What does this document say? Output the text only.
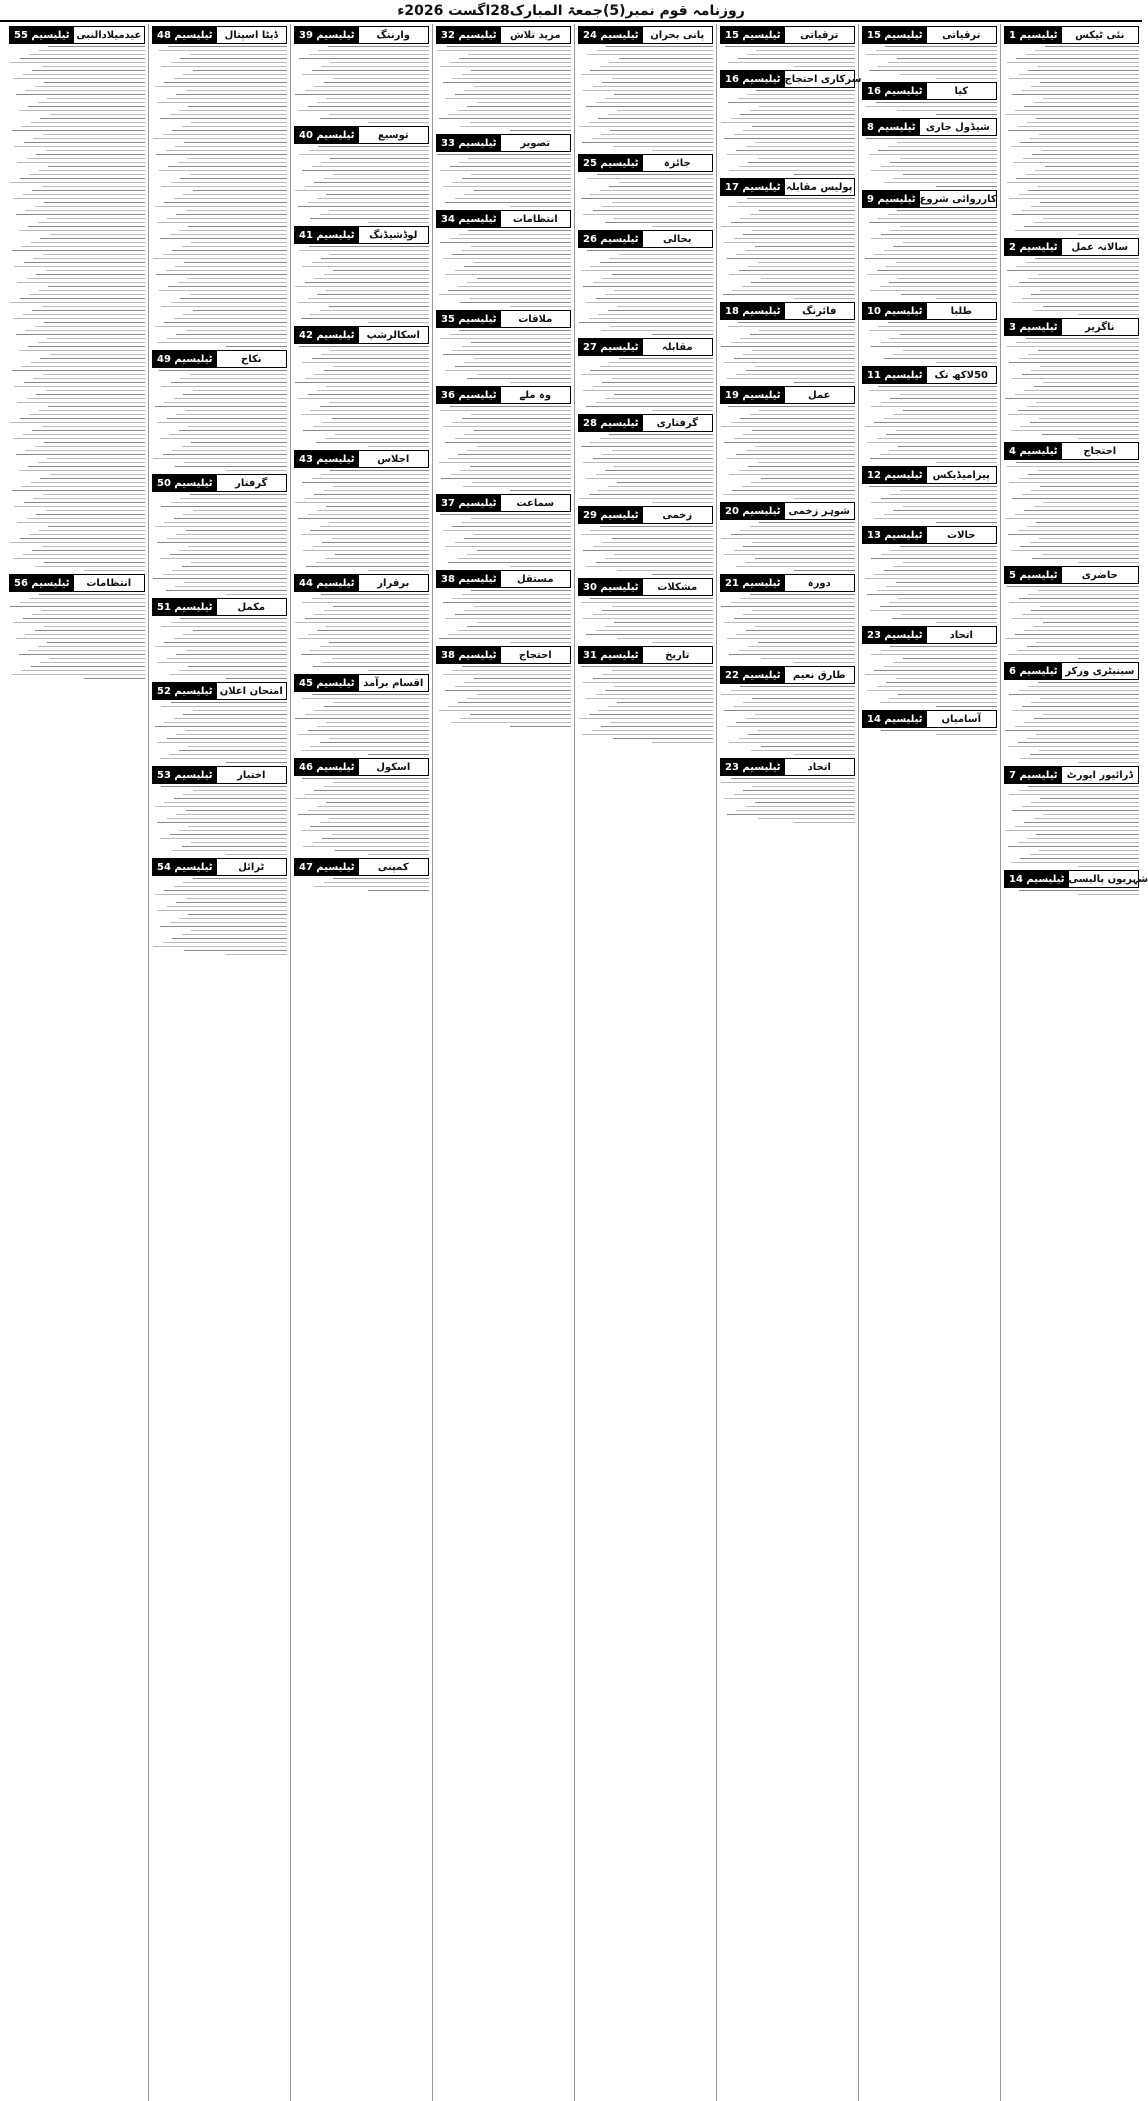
روزنامہ قوم نمبر(5)جمعۃ المبارک28اگست 2026ء
ٹیلیسیم 1	نئی ٹیکس
ٹیلیسیم 2	سالانہ عمل
ٹیلیسیم 3	ناگزیر
ٹیلیسیم 4	احتجاج
ٹیلیسیم 5	حاضری
ٹیلیسیم 6 سینیٹری ورکر
ٹیلیسیم 7 ڈرائیور اپورٹ
ٹیلیسیم 14 شہریوں پالیسی
ٹیلیسیم 15	ترقیاتی
ٹیلیسیم 16	کیا
ٹیلیسیم 8	شیڈول جاری
ٹیلیسیم 9 کارروائی شروع
ٹیلیسیم 10	طلبا
ٹیلیسیم 11	50لاکھ تک
ٹیلیسیم 12	پیرامیڈیکس
ٹیلیسیم 13	حالات
ٹیلیسیم 23	اتحاد
ٹیلیسیم 14	آسامیاں
ٹیلیسیم 15	ترقیاتی
ٹیلیسیم 16 سرکاری احتجاج
ٹیلیسیم 17 پولیس مقابلہ
ٹیلیسیم 18	فائرنگ
ٹیلیسیم 19	عمل
ٹیلیسیم 20 شوہر زخمی
ٹیلیسیم 21	دورہ
ٹیلیسیم 22	طارق نعیم
ٹیلیسیم 23	اتحاد
ٹیلیسیم 24	پانی بحران
ٹیلیسیم 25	جائزہ
ٹیلیسیم 26	بحالی
ٹیلیسیم 27	مقابلہ
ٹیلیسیم 28	گرفتاری
ٹیلیسیم 29	زخمی
ٹیلیسیم 30	مشکلات
ٹیلیسیم 31	تاریخ
ٹیلیسیم 32	مزید تلاش
ٹیلیسیم 33	تصویر
ٹیلیسیم 34	انتظامات
ٹیلیسیم 35	ملاقات
ٹیلیسیم 36	وہ ملے
ٹیلیسیم 37	سماعت
ٹیلیسیم 38	مستقل
ٹیلیسیم 38	احتجاج
ٹیلیسیم 39	وارننگ
ٹیلیسیم 40	توسیع
ٹیلیسیم 41	لوڈشیڈنگ
ٹیلیسیم 42	اسکالرشپ
ٹیلیسیم 43	اجلاس
ٹیلیسیم 44	برقرار
ٹیلیسیم 45 اقسام برآمد
ٹیلیسیم 46	اسکول
ٹیلیسیم 47	کمپنی
ٹیلیسیم 48	ڈیٹا اسپتال
ٹیلیسیم 49	نکاح
ٹیلیسیم 50	گرفتار
ٹیلیسیم 51	مکمل
ٹیلیسیم 52 امتحان اعلان
ٹیلیسیم 53	اختیار
ٹیلیسیم 54	ٹرائل
ٹیلیسیم 55 عیدمیلادالنبی
ٹیلیسیم 56	انتظامات
